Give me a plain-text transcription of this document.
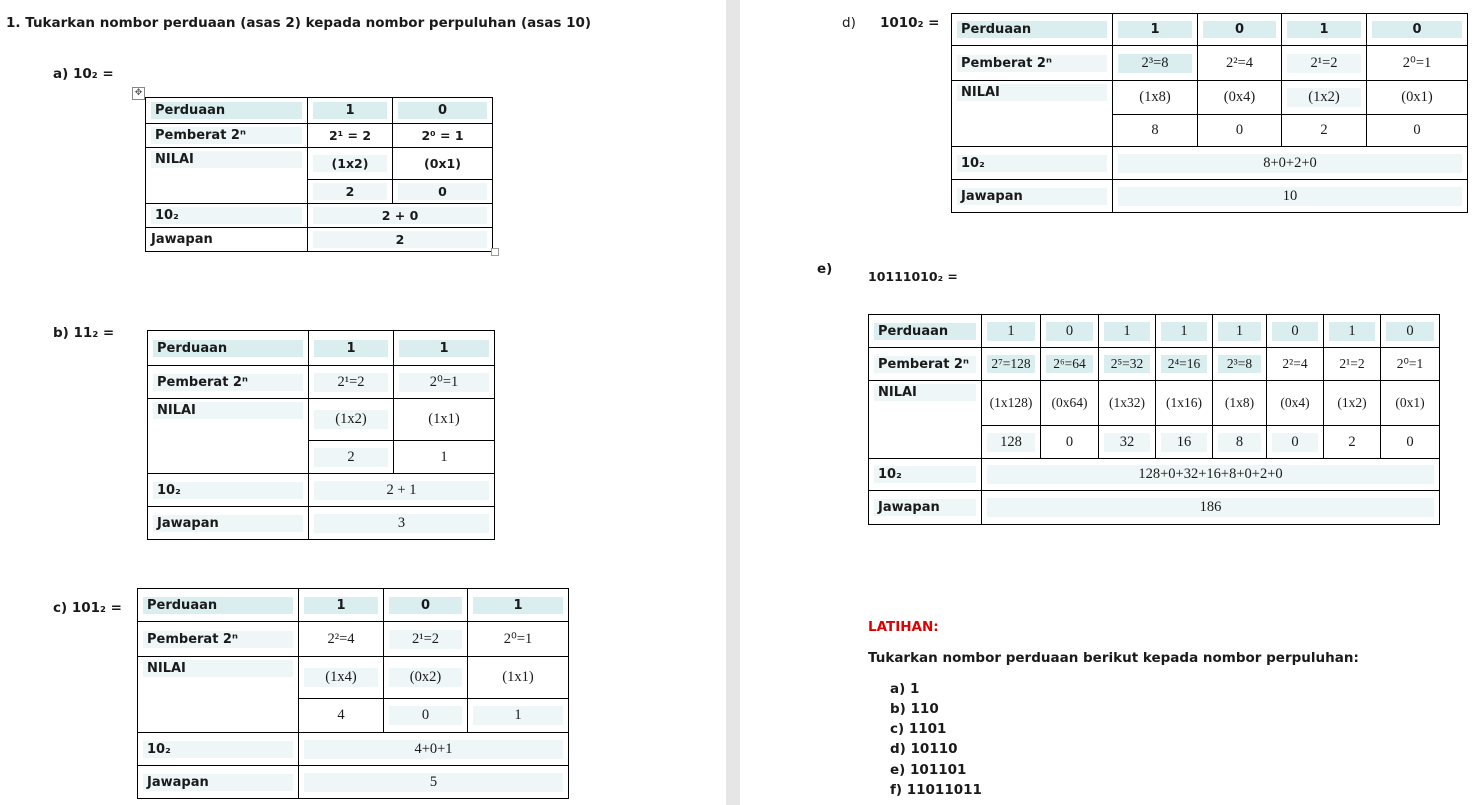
1. Tukarkan nombor perduaan (asas 2) kepada nombor perpuluhan (asas 10)
a) 10₂ =
✥
Perduaan	1	0

Pemberat 2ⁿ	2¹ = 2	2⁰ = 1

NILAI	(1x2)	(0x1)

	2	0

10₂	2 + 0	

Jawapan	2	
b) 11₂ =
Perduaan	1	1

Pemberat 2ⁿ	2¹=2	2⁰=1

NILAI	(1x2)	(1x1)

	2	1

10₂	2 + 1	

Jawapan	3	
c) 101₂ =	Perduaan	1	0	1

Pemberat 2ⁿ	2²=4	2¹=2	2⁰=1

NILAI	(1x4)	(0x2)	(1x1)
	4	0	1

10₂	4+0+1		

Jawapan	5		
d) 1010₂ =	Perduaan	1	0	1	0

Pemberat 2ⁿ	2³=8	2²=4	2¹=2	2⁰=1

NILAI	(1x8)	(0x4)	(1x2)	(0x1)
	8	0	2	0

10₂	8+0+2+0			

Jawapan	10			
e)	10111010₂ =
Perduaan	1	0	1	1	1	0	1	0

Pemberat 2ⁿ	2⁷=128	2⁶=64	2⁵=32	2⁴=16	2³=8	2²=4	2¹=2	2⁰=1

NILAI	(1x128)	(0x64)	(1x32)	(1x16)	(1x8)	(0x4)	(1x2)	(0x1)

	128	0	32	16	8	0	2	0

10₂	128+0+32+16+8+0+2+0							

Jawapan	186							
LATIHAN:
Tukarkan nombor perduaan berikut kepada nombor perpuluhan:
a) 1
b) 110
c) 1101
d) 10110
e) 101101
f) 11011011
